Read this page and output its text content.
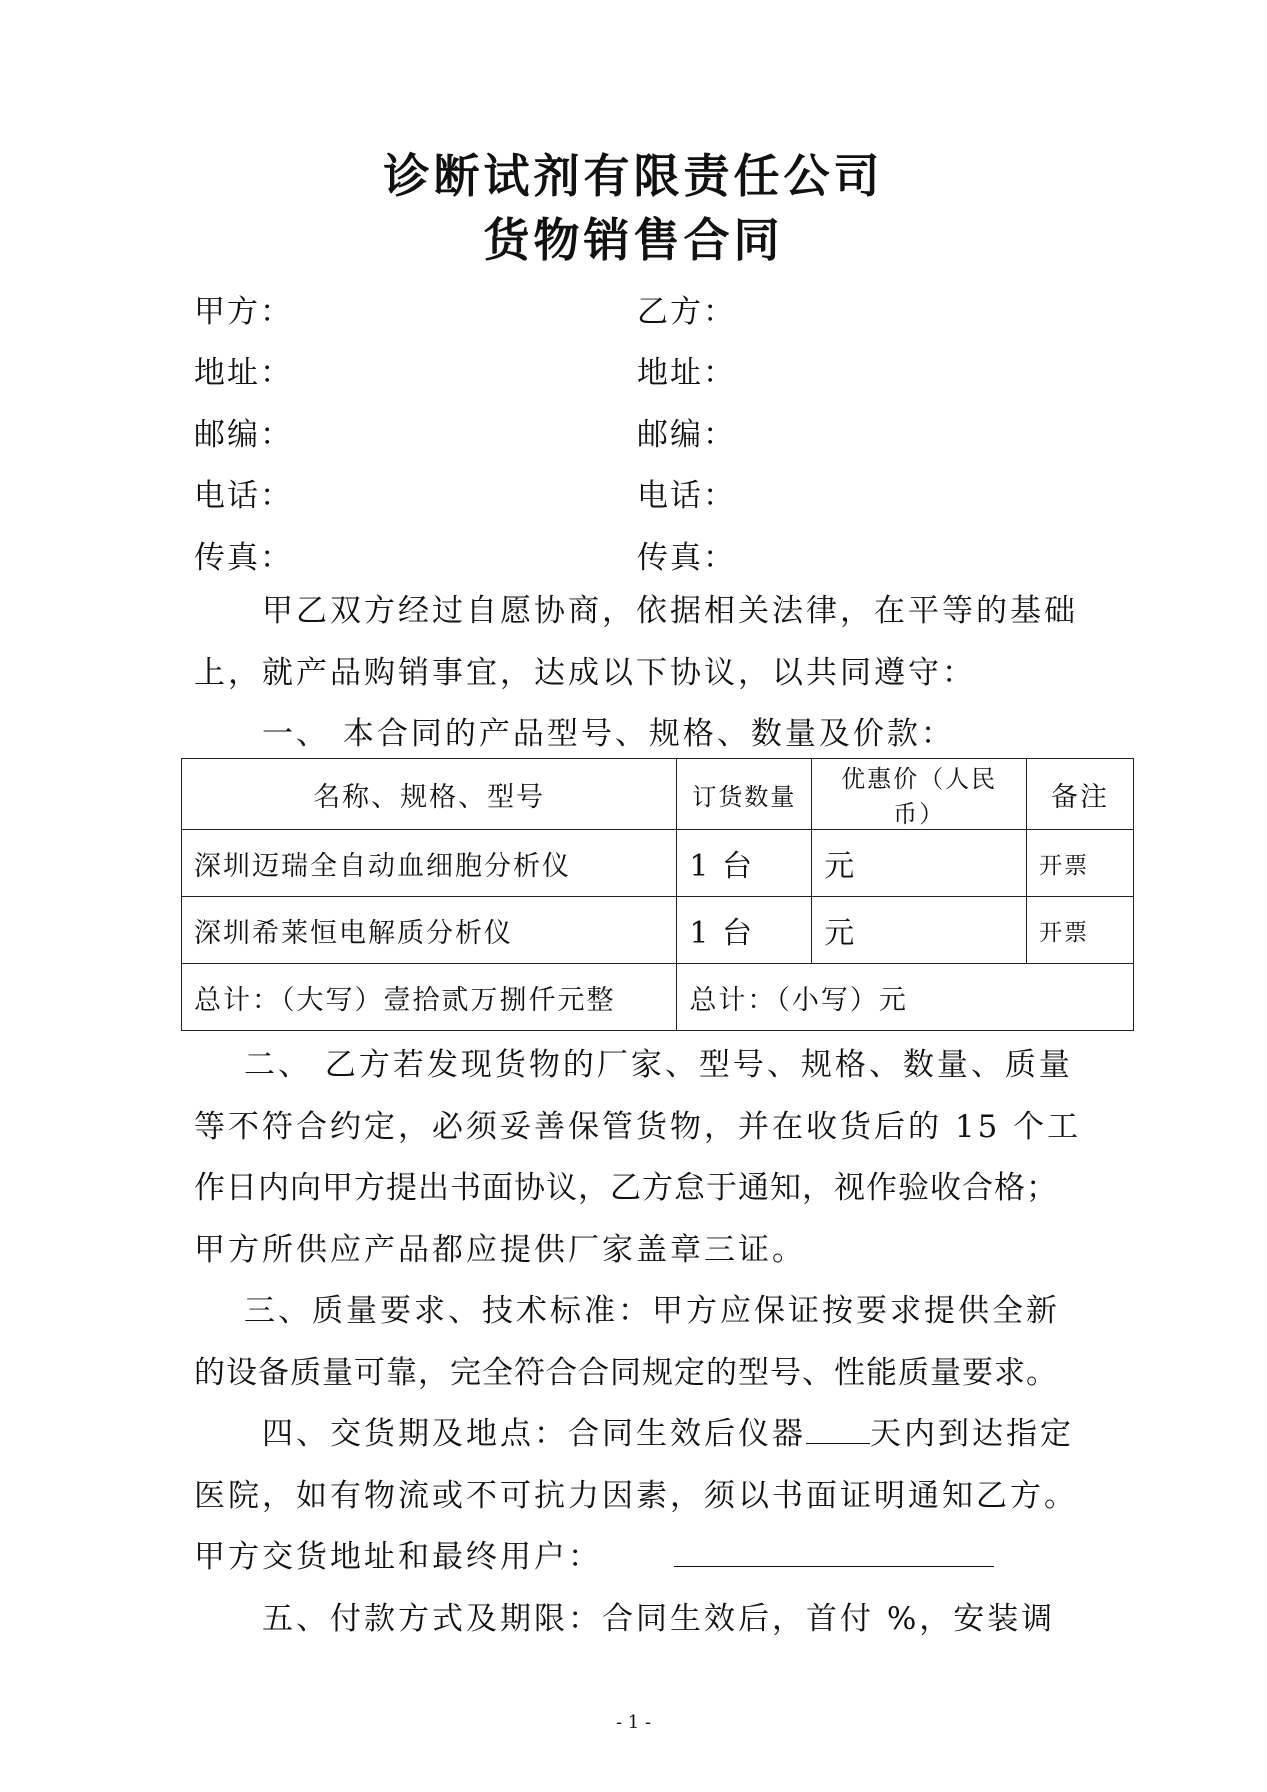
诊断试剂有限责任公司
货物销售合同
甲方：
地址：
邮编：
电话：
传真：
乙方：
地址：
邮编：
电话：
传真：
甲乙双方经过自愿协商，依据相关法律，在平等的基础
上，就产品购销事宜，达成以下协议，以共同遵守：
一、 本合同的产品型号、规格、数量及价款：
名称、规格、型号	订货数量	优惠价（人民币）	备注
深圳迈瑞全自动血细胞分析仪	1 台	元	开票
深圳希莱恒电解质分析仪	1 台	元	开票
总计：（大写）壹拾贰万捌仟元整	总计：（小写）元		
二、 乙方若发现货物的厂家、型号、规格、数量、质量
等不符合约定，必须妥善保管货物，并在收货后的 15 个工
作日内向甲方提出书面协议，乙方怠于通知，视作验收合格；
甲方所供应产品都应提供厂家盖章三证。
三、质量要求、技术标准：甲方应保证按要求提供全新
的设备质量可靠，完全符合合同规定的型号、性能质量要求。
四、交货期及地点：合同生效后仪器 天内到达指定
医院，如有物流或不可抗力因素，须以书面证明通知乙方。
甲方交货地址和最终用户：
五、付款方式及期限：合同生效后，首付 %，安装调
- 1 -
